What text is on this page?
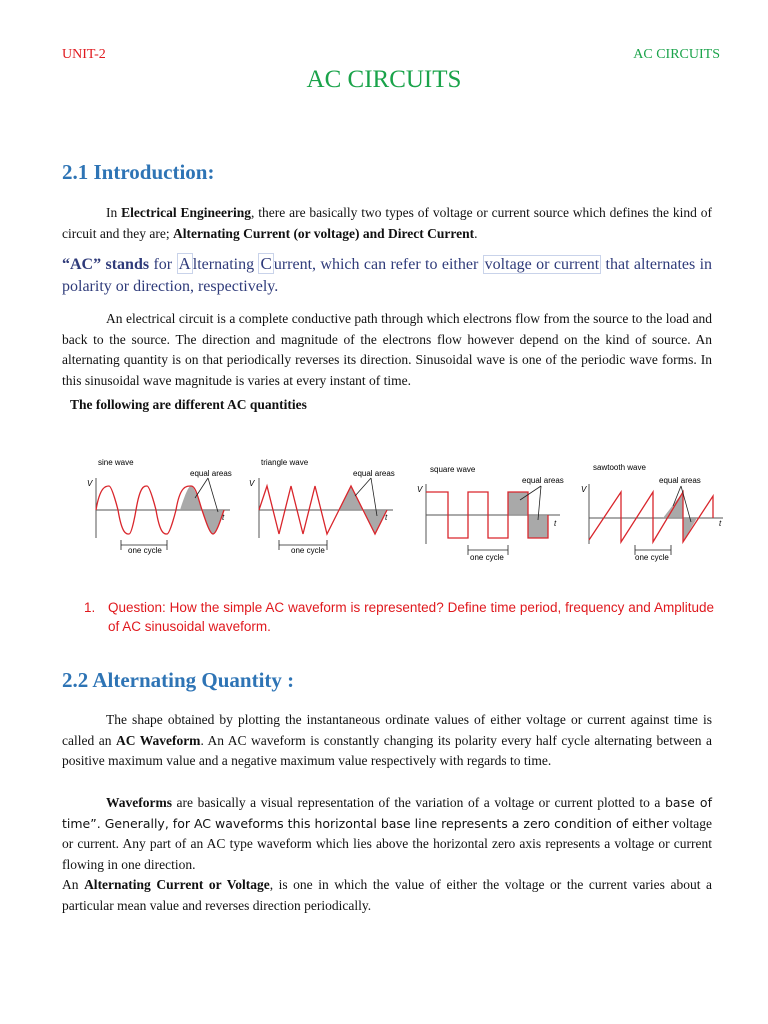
UNIT-2	AC CIRCUITS
AC CIRCUITS
2.1 Introduction:

In Electrical Engineering, there are basically two types of voltage or current source which defines the kind of circuit and they are; Alternating Current (or voltage) and Direct Current.

“AC” stands for A lternating C urrent, which can refer to either voltage or current that alternates in polarity or direction, respectively.

An electrical circuit is a complete conductive path through which electrons flow from the source to the load and back to the source. The direction and magnitude of the electrons flow however depend on the kind of source. An alternating quantity is on that periodically reverses its direction. Sinusoidal wave is one of the periodic wave forms. In this sinusoidal wave magnitude is varies at every instant of time.

The following are different AC quantities
sine wave
equal areas
V
t
one cycle
triangle wave
equal areas
V
t
one cycle
square wave
equal areas
V
t
one cycle
sawtooth wave
equal areas
V
t
one cycle
1. Question: How the simple AC waveform is represented? Define time period, frequency and Amplitude of AC sinusoidal waveform.
2.2 Alternating Quantity :

The shape obtained by plotting the instantaneous ordinate values of either voltage or current against time is called an AC Waveform. An AC waveform is constantly changing its polarity every half cycle alternating between a positive maximum value and a negative maximum value respectively with regards to time.

Waveforms are basically a visual representation of the variation of a voltage or current plotted to a base of time”. Generally, for AC waveforms this horizontal base line represents a zero condition of either voltage or current. Any part of an AC type waveform which lies above the horizontal zero axis represents a voltage or current flowing in one direction.

An Alternating Current or Voltage, is one in which the value of either the voltage or the current varies about a particular mean value and reverses direction periodically.
